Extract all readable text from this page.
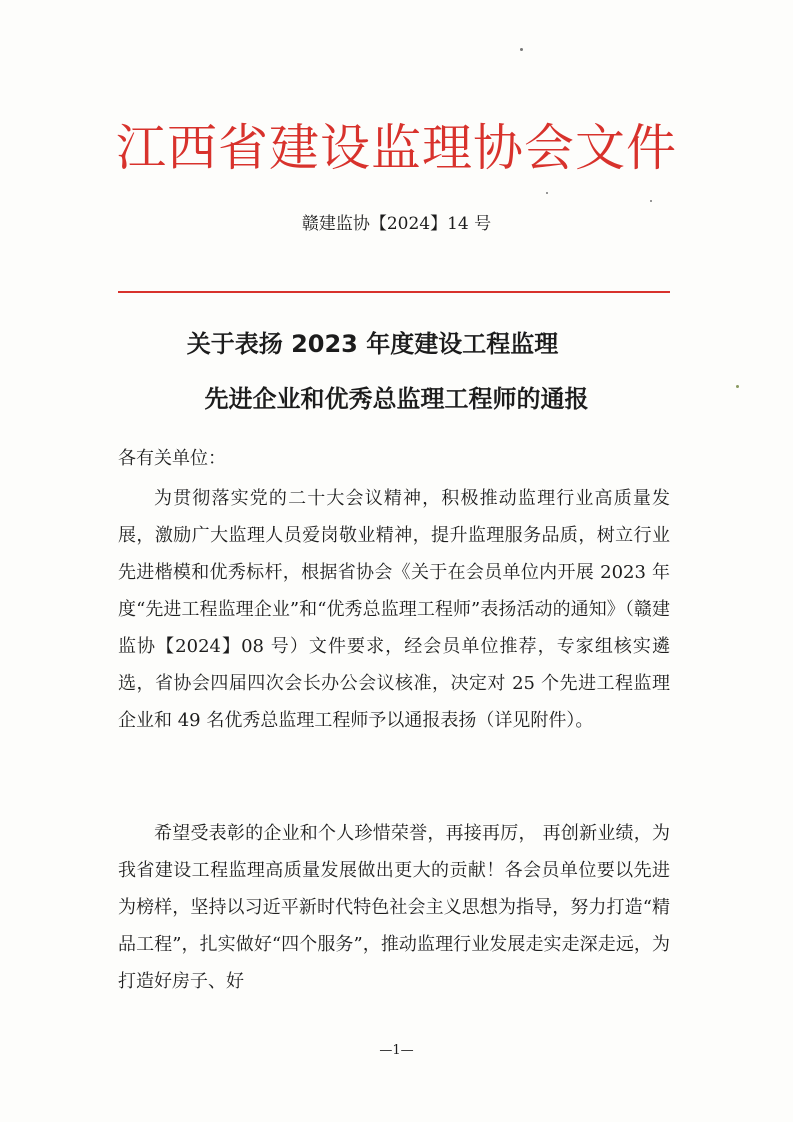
江西省建设监理协会文件
赣建监协【2024】14 号
关于表扬 2023 年度建设工程监理
先进企业和优秀总监理工程师的通报
各有关单位：
为贯彻落实党的二十大会议精神，积极推动监理行业高质量发展，激励广大监理人员爱岗敬业精神，提升监理服务品质，树立行业先进楷模和优秀标杆，根据省协会《关于在会员单位内开展 2023 年度“先进工程监理企业”和“优秀总监理工程师”表扬活动的通知》（赣建监协【2024】08 号）文件要求，经会员单位推荐，专家组核实遴选，省协会四届四次会长办公会议核准，决定对 25 个先进工程监理企业和 49 名优秀总监理工程师予以通报表扬（详见附件）。
希望受表彰的企业和个人珍惜荣誉，再接再厉， 再创新业绩，为我省建设工程监理高质量发展做出更大的贡献！各会员单位要以先进为榜样，坚持以习近平新时代特色社会主义思想为指导，努力打造“精品工程”，扎实做好“四个服务”，推动监理行业发展走实走深走远，为打造好房子、好
—1—
